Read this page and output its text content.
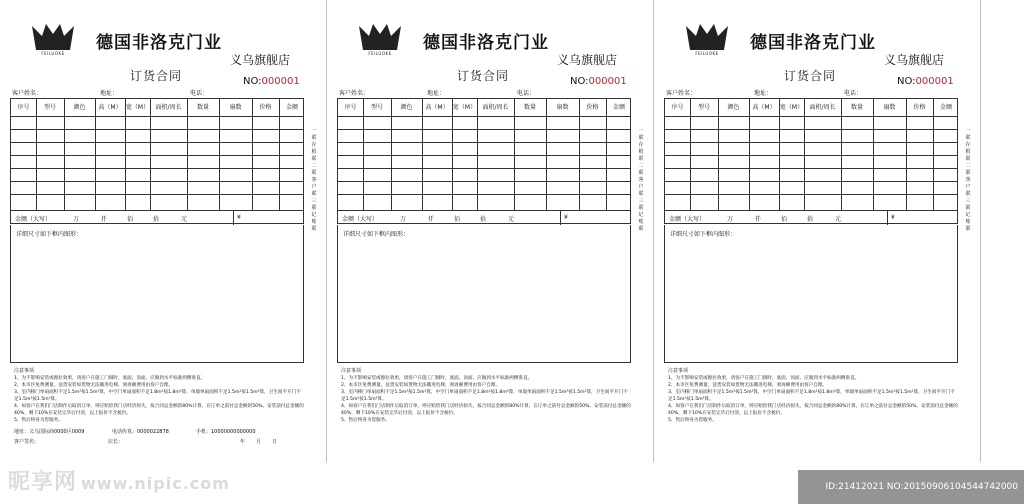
FEILUOKE
德国非洛克门业
义乌旗舰店
订货合同	NO:000001
客户姓名：	地址：	电话：
序号	型号	颜色	高（M） 宽（M）	面积/周长	数量	扇数	价格	金额
金额（大写）	万	仟	佰	拾	元	¥
详细尺寸如下框内图形：
一联存根联二联客户联三联记账联
注意事项
1、为不影响安装或擦拉效果，请客户在施工门洞时，底面、顶面、应做到水平标准两侧垂直。
2、本市区免费测量，送货安装如货物无法搬进电梯，须再额费用由客户自理。
3、室内移门单扇面积不足1.5m²按1.5m²算，中空门单扇面积不足1.8m²按1.8m²算，单玻单扇面积不足1.5m²按1.5m²算，卫生间平开门不足1.5m²按1.5m²算。
4、如客户在我们门店制作后取消订单，则应赔偿我门店经济损失，按合同总金额的80%计算，在订单之前付总金额的50%。安装前付总金额的40%，剩下10%在安装完毕后付清，以上报价不含税价。
5、售后终身为您服务。
地址：义乌国际商0000区0009	电话传真：0000022878	手机：10000000000000
客户签名：	店长：	年 月 日
FEILUOKE
德国非洛克门业
义乌旗舰店
订货合同	NO:000001
客户姓名：	地址：	电话：
序号	型号	颜色	高（M） 宽（M）	面积/周长	数量	扇数	价格	金额
金额（大写）	万	仟	佰	拾	元	¥
详细尺寸如下框内图形：
一联存根联二联客户联三联记账联
注意事项
1、为不影响安装或擦拉效果，请客户在施工门洞时，底面、顶面、应做到水平标准两侧垂直。
2、本市区免费测量，送货安装如货物无法搬进电梯，须再额费用由客户自理。
3、室内移门单扇面积不足1.5m²按1.5m²算，中空门单扇面积不足1.8m²按1.8m²算，单玻单扇面积不足1.5m²按1.5m²算，卫生间平开门不足1.5m²按1.5m²算。
4、如客户在我们门店制作后取消订单，则应赔偿我门店经济损失，按合同总金额的80%计算，在订单之前付总金额的50%。安装前付总金额的40%，剩下10%在安装完毕后付清，以上报价不含税价。
5、售后终身为您服务。
FEILUOKE
德国非洛克门业
义乌旗舰店
订货合同	NO:000001
客户姓名：	地址：	电话：
序号	型号	颜色	高（M） 宽（M）	面积/周长	数量	扇数	价格	金额
金额（大写）	万	仟	佰	拾	元	¥
详细尺寸如下框内图形：
一联存根联二联客户联三联记账联
注意事项
1、为不影响安装或擦拉效果，请客户在施工门洞时，底面、顶面、应做到水平标准两侧垂直。
2、本市区免费测量，送货安装如货物无法搬进电梯，须再额费用由客户自理。
3、室内移门单扇面积不足1.5m²按1.5m²算，中空门单扇面积不足1.8m²按1.8m²算，单玻单扇面积不足1.5m²按1.5m²算，卫生间平开门不足1.5m²按1.5m²算。
4、如客户在我们门店制作后取消订单，则应赔偿我门店经济损失，按合同总金额的80%计算，在订单之前付总金额的50%。安装前付总金额的40%，剩下10%在安装完毕后付清，以上报价不含税价。
5、售后终身为您服务。
昵享网 www.nipic.com	ID:21412021 NO:20150906104544742000
